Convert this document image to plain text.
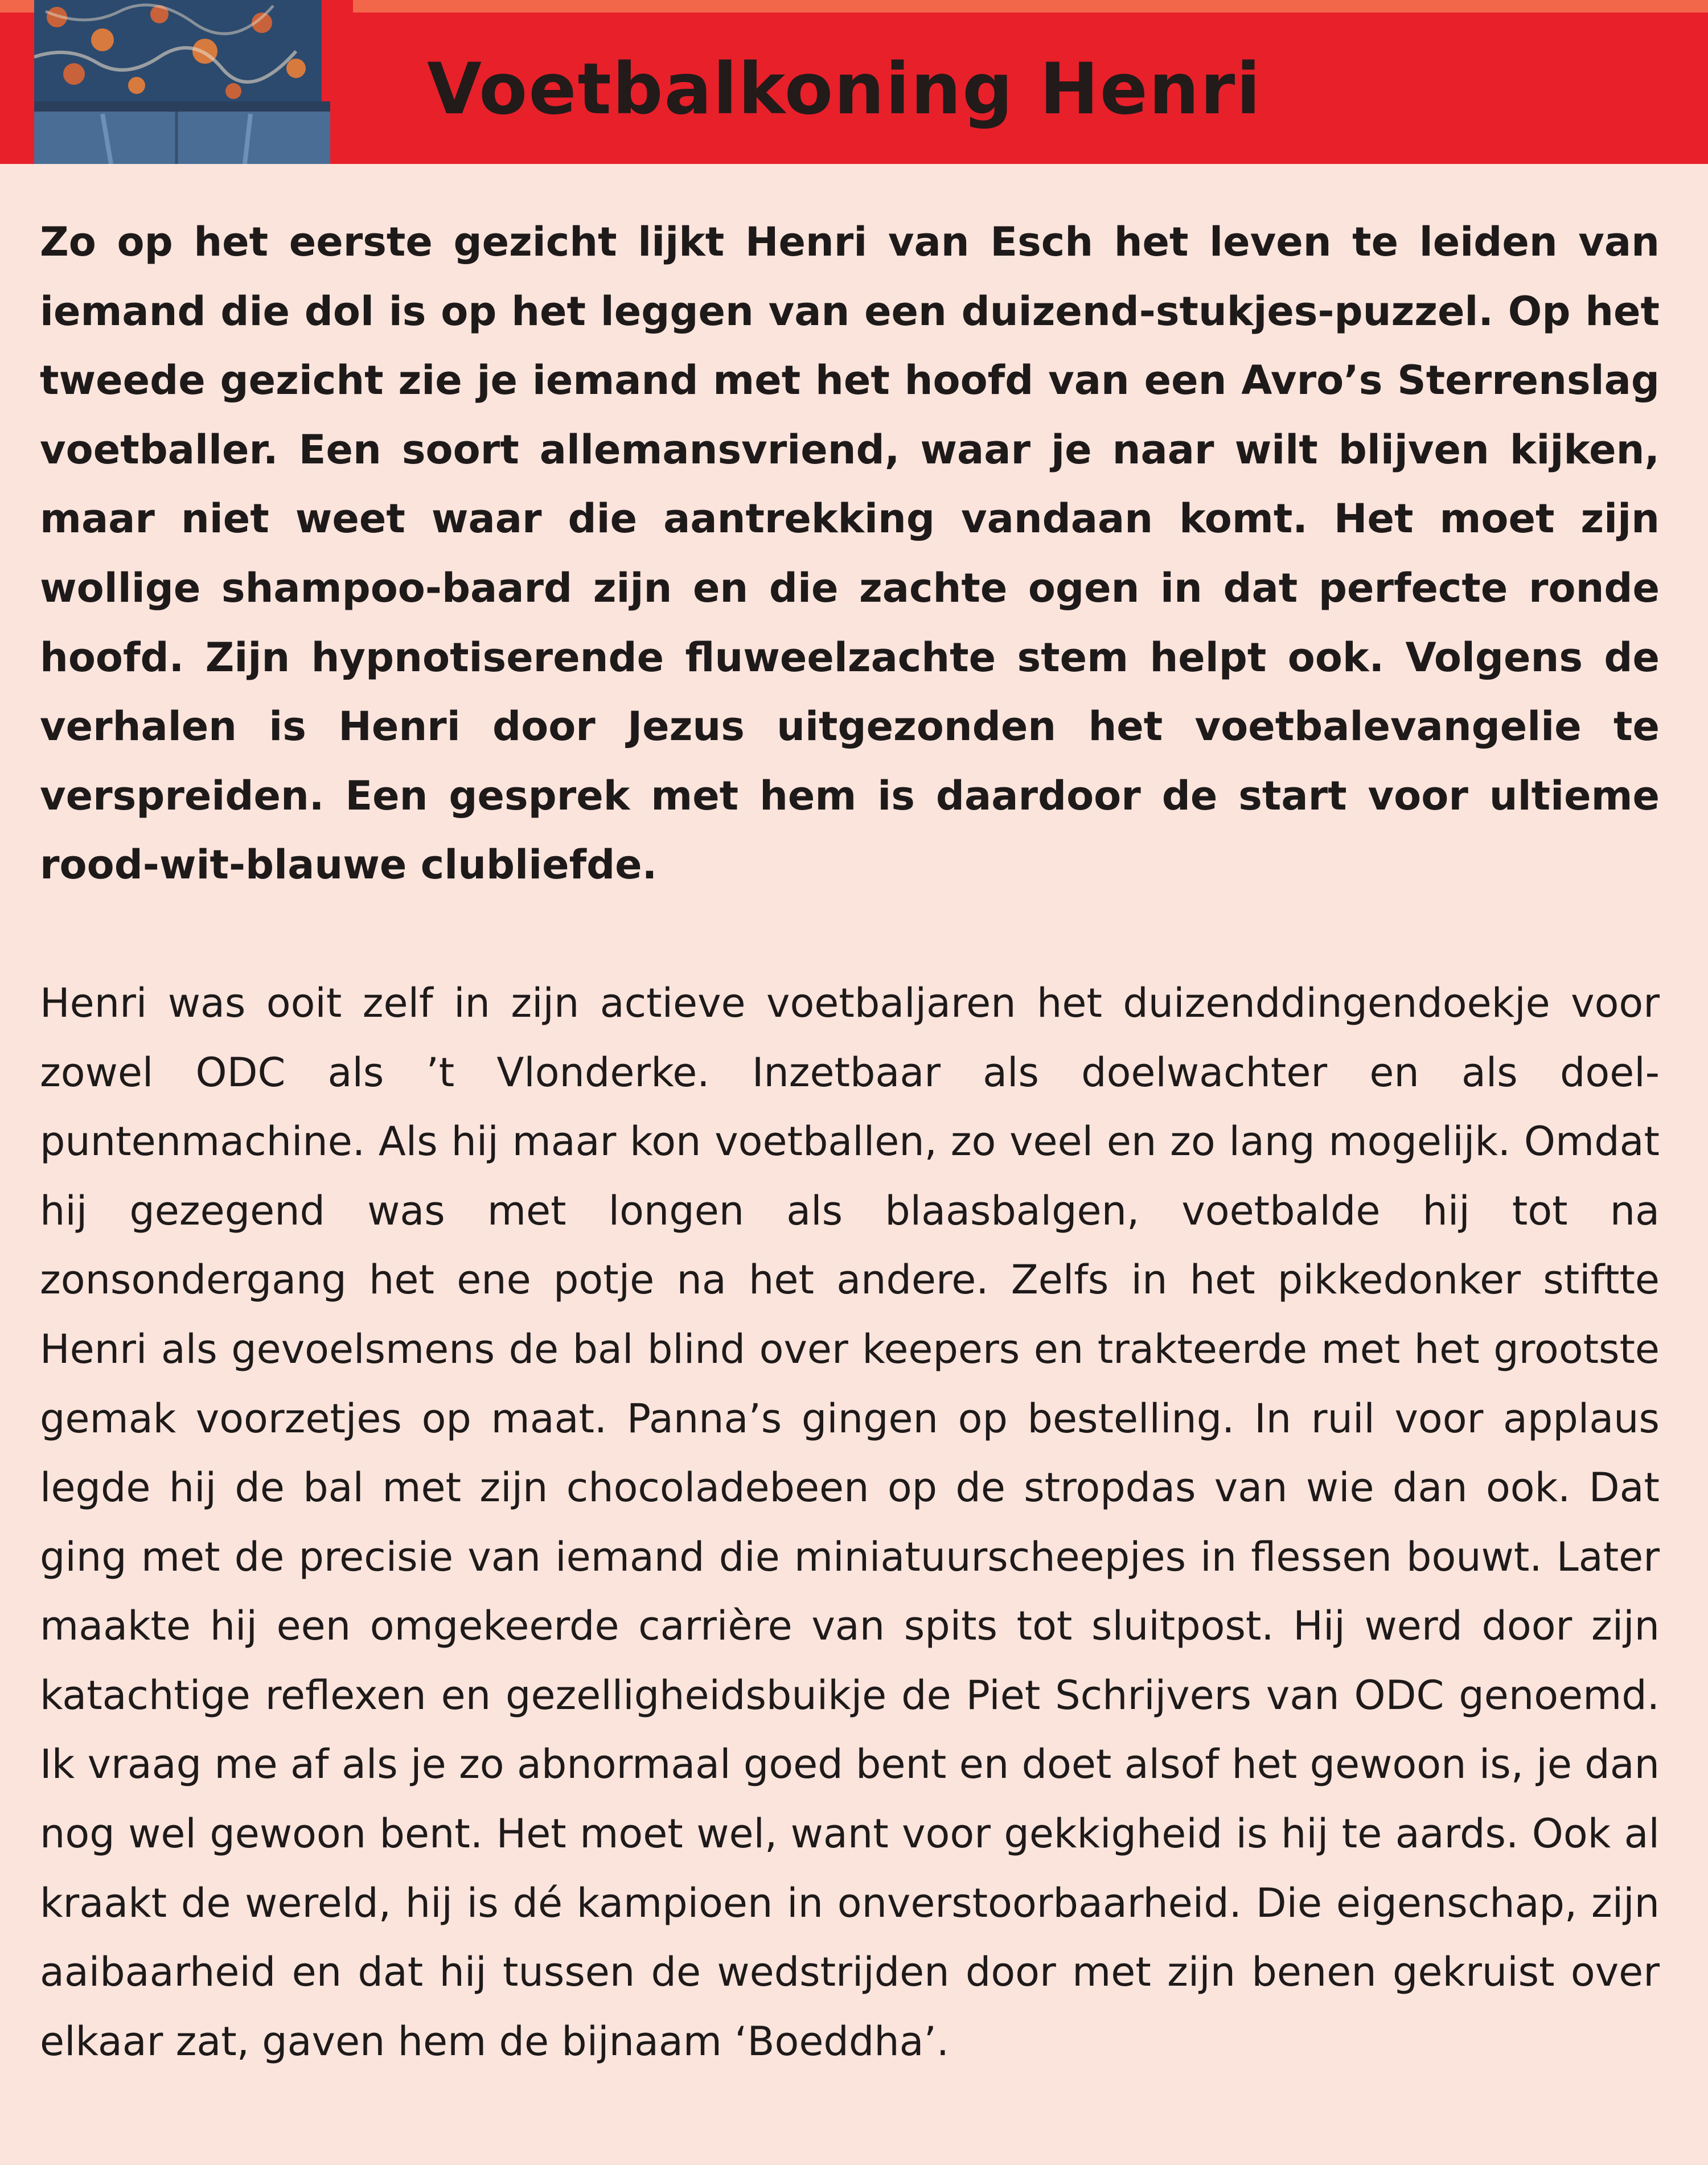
Voetbalkoning Henri

Zo op het eerste gezicht lijkt Henri van Esch het leven te leiden van iemand die dol is op het leggen van een duizend-stukjes-puzzel. Op het tweede gezicht zie je iemand met het hoofd van een Avro’s Sterrenslag voetballer. Een soort allemansvriend, waar je naar wilt blijven kijken, maar niet weet waar die aantrekking vandaan komt. Het moet zijn wollige shampoo-baard zijn en die zachte ogen in dat perfecte ronde hoofd. Zijn hypnotiserende fluweelzachte stem helpt ook. Volgens de verhalen is Henri door Jezus uitgezonden het voetbalevangelie te verspreiden. Een gesprek met hem is daardoor de start voor ultieme rood-wit-blauwe clubliefde.

Henri was ooit zelf in zijn actieve voetbaljaren het duizenddingendoekje voor zowel ODC als ’t Vlonderke. Inzetbaar als doelwachter en als doelpuntenmachine. Als hij maar kon voetballen, zo veel en zo lang mogelijk. Omdat hij gezegend was met longen als blaasbalgen, voetbalde hij tot na zonsondergang het ene potje na het andere. Zelfs in het pikkedonker stiftte Henri als gevoelsmens de bal blind over keepers en trakteerde met het grootste gemak voorzetjes op maat. Panna’s gingen op bestelling. In ruil voor applaus legde hij de bal met zijn chocoladebeen op de stropdas van wie dan ook. Dat ging met de precisie van iemand die miniatuurscheepjes in flessen bouwt. Later maakte hij een omgekeerde carrière van spits tot sluitpost. Hij werd door zijn katachtige reflexen en gezelligheidsbuikje de Piet Schrijvers van ODC genoemd. Ik vraag me af als je zo abnormaal goed bent en doet alsof het gewoon is, je dan nog wel gewoon bent. Het moet wel, want voor gekkigheid is hij te aards. Ook al kraakt de wereld, hij is dé kampioen in onverstoorbaarheid. Die eigenschap, zijn aaibaarheid en dat hij tussen de wedstrijden door met zijn benen gekruist over elkaar zat, gaven hem de bijnaam ‘Boeddha’.
